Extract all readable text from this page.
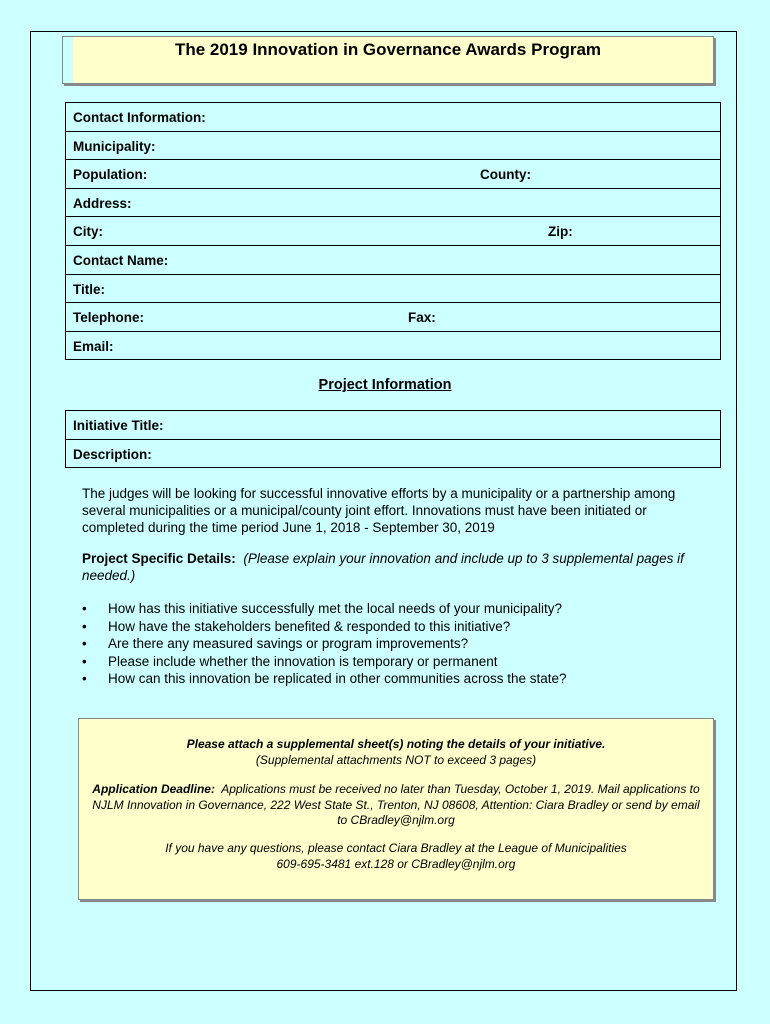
The 2019 Innovation in Governance Awards Program
Contact Information:
Municipality:
Population:	County:
Address:
City:	Zip:
Contact Name:
Title:
Telephone:	Fax:
Email:
Project Information
Initiative Title:
Description:
The judges will be looking for successful innovative efforts by a municipality or a partnership among several municipalities or a municipal/county joint effort. Innovations must have been initiated or completed during the time period June 1, 2018 - September 30, 2019
Project Specific Details: (Please explain your innovation and include up to 3 supplemental pages if needed.)
• How has this initiative successfully met the local needs of your municipality?
• How have the stakeholders benefited & responded to this initiative?
• Are there any measured savings or program improvements?
• Please include whether the innovation is temporary or permanent
• How can this innovation be replicated in other communities across the state?

Please attach a supplemental sheet(s) noting the details of your initiative.

(Supplemental attachments NOT to exceed 3 pages)

Application Deadline: Applications must be received no later than Tuesday, October 1, 2019. Mail applications to NJLM Innovation in Governance, 222 West State St., Trenton, NJ 08608, Attention: Ciara Bradley or send by email to CBradley@njlm.org

If you have any questions, please contact Ciara Bradley at the League of Municipalities

609-695-3481 ext.128 or CBradley@njlm.org
